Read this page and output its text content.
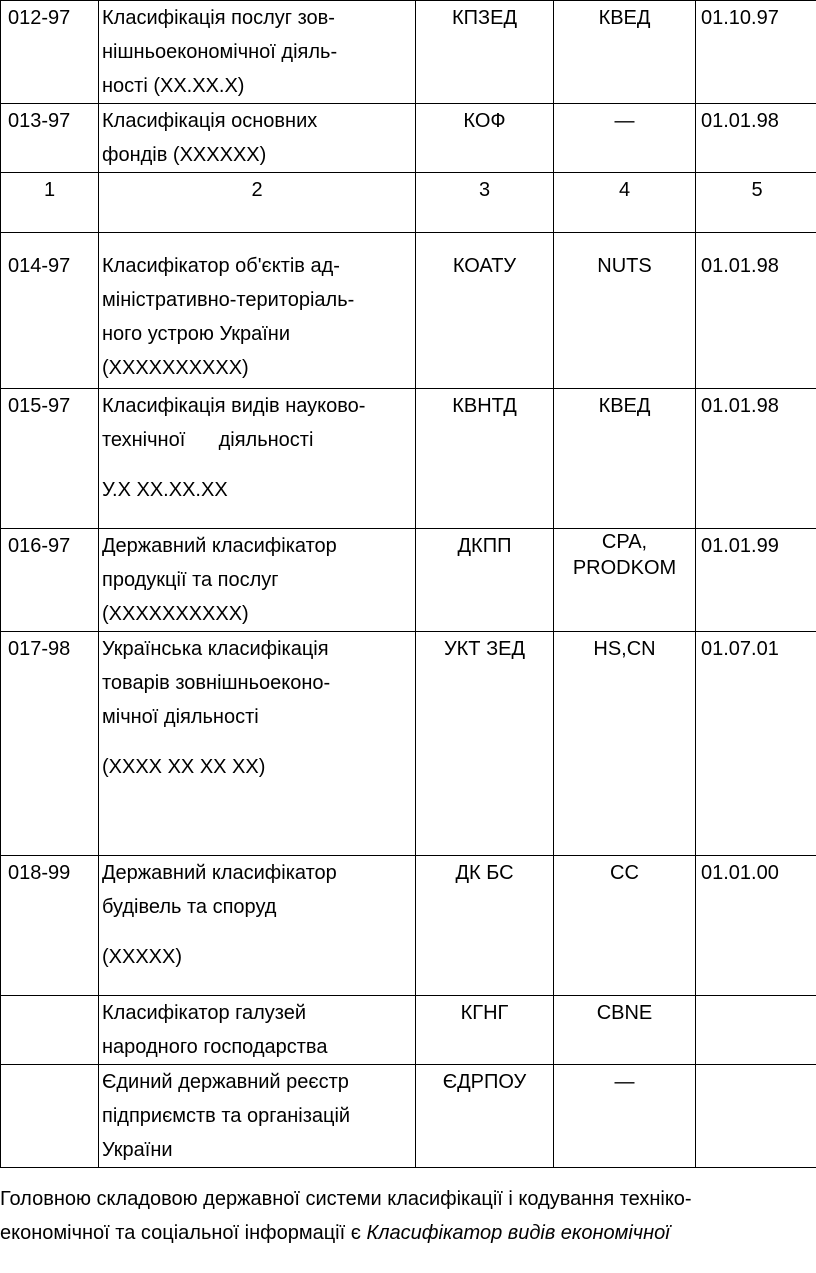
012-97	Класифікація послуг зов-
нішньоекономічної діяль-
ності (ХХ.ХХ.Х)	КПЗЕД	КВЕД	01.10.97
013-97	Класифікація основних
фондів (ХХХХХХ)	КОФ	—	01.01.98
1	2	3	4	5

014-97	Класифікатор об'єктів ад-
міністративно-територіаль-
ного устрою України
(ХХХХХХХХХХ)	КОАТУ	NUTS	01.01.98

015-97	Класифікація видів науково-
технічної      діяльності
У.Х ХХ.ХХ.ХХ	КВНТД	КВЕД	01.01.98
016-97	Державний класифікатор
продукції та послуг
(ХХХХХХХХХХ)	ДКПП	CPA,
PRODKOM	01.01.99
017-98	Українська класифікація
товарів зовнішньоеконо-
мічної діяльності
(ХХХХ ХХ ХХ ХХ)	УКТ ЗЕД	HS,CN	01.07.01
018-99	Державний класифікатор
будівель та споруд
(ХХХХХ)	ДК БС	CC	01.01.00

	Класифікатор галузей
народного господарства	КГНГ	CBNE	

	Єдиний державний реєстр
підприємств та організацій
України	ЄДРПОУ	—	
Головною складовою державної системи класифікації і кодування техніко-
економічної та соціальної інформації є Класифікатор видів економічної
